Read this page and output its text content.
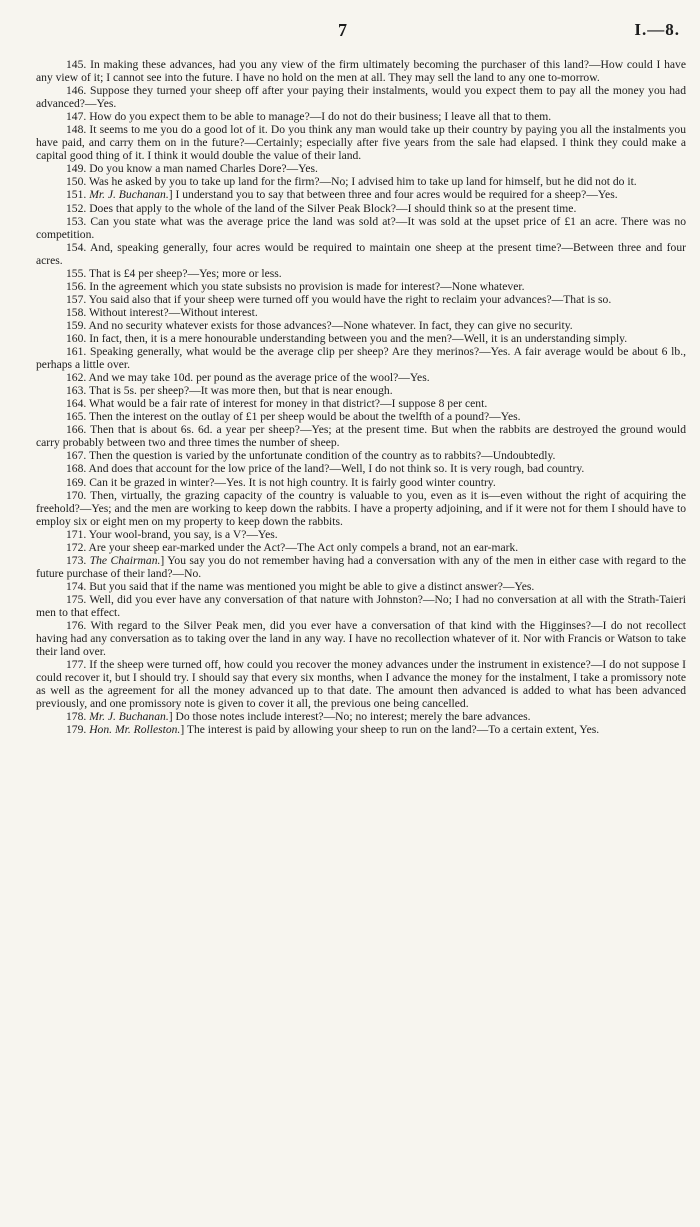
7	I.—8.

145. In making these advances, had you any view of the firm ultimately becoming the purchaser of this land?—How could I have any view of it; I cannot see into the future. I have no hold on the men at all. They may sell the land to any one to-morrow.

146. Suppose they turned your sheep off after your paying their instalments, would you expect them to pay all the money you had advanced?—Yes.

147. How do you expect them to be able to manage?—I do not do their business; I leave all that to them.

148. It seems to me you do a good lot of it. Do you think any man would take up their country by paying you all the instalments you have paid, and carry them on in the future?—Certainly; especially after five years from the sale had elapsed. I think they could make a capital good thing of it. I think it would double the value of their land.

149. Do you know a man named Charles Dore?—Yes.

150. Was he asked by you to take up land for the firm?—No; I advised him to take up land for himself, but he did not do it.

151. Mr. J. Buchanan.] I understand you to say that between three and four acres would be required for a sheep?—Yes.

152. Does that apply to the whole of the land of the Silver Peak Block?—I should think so at the present time.

153. Can you state what was the average price the land was sold at?—It was sold at the upset price of £1 an acre. There was no competition.

154. And, speaking generally, four acres would be required to maintain one sheep at the present time?—Between three and four acres.

155. That is £4 per sheep?—Yes; more or less.

156. In the agreement which you state subsists no provision is made for interest?—None whatever.

157. You said also that if your sheep were turned off you would have the right to reclaim your advances?—That is so.

158. Without interest?—Without interest.

159. And no security whatever exists for those advances?—None whatever. In fact, they can give no security.

160. In fact, then, it is a mere honourable understanding between you and the men?—Well, it is an understanding simply.

161. Speaking generally, what would be the average clip per sheep? Are they merinos?—Yes. A fair average would be about 6 lb., perhaps a little over.

162. And we may take 10d. per pound as the average price of the wool?—Yes.

163. That is 5s. per sheep?—It was more then, but that is near enough.

164. What would be a fair rate of interest for money in that district?—I suppose 8 per cent.

165. Then the interest on the outlay of £1 per sheep would be about the twelfth of a pound?—Yes.

166. Then that is about 6s. 6d. a year per sheep?—Yes; at the present time. But when the rabbits are destroyed the ground would carry probably between two and three times the number of sheep.

167. Then the question is varied by the unfortunate condition of the country as to rabbits?—Undoubtedly.

168. And does that account for the low price of the land?—Well, I do not think so. It is very rough, bad country.

169. Can it be grazed in winter?—Yes. It is not high country. It is fairly good winter country.

170. Then, virtually, the grazing capacity of the country is valuable to you, even as it is—even without the right of acquiring the freehold?—Yes; and the men are working to keep down the rabbits. I have a property adjoining, and if it were not for them I should have to employ six or eight men on my property to keep down the rabbits.

171. Your wool-brand, you say, is a V?—Yes.

172. Are your sheep ear-marked under the Act?—The Act only compels a brand, not an ear-mark.

173. The Chairman.] You say you do not remember having had a conversation with any of the men in either case with regard to the future purchase of their land?—No.

174. But you said that if the name was mentioned you might be able to give a distinct answer?—Yes.

175. Well, did you ever have any conversation of that nature with Johnston?—No; I had no conversation at all with the Strath-Taieri men to that effect.

176. With regard to the Silver Peak men, did you ever have a conversation of that kind with the Higginses?—I do not recollect having had any conversation as to taking over the land in any way. I have no recollection whatever of it. Nor with Francis or Watson to take their land over.

177. If the sheep were turned off, how could you recover the money advances under the instrument in existence?—I do not suppose I could recover it, but I should try. I should say that every six months, when I advance the money for the instalment, I take a promissory note as well as the agreement for all the money advanced up to that date. The amount then advanced is added to what has been advanced previously, and one promissory note is given to cover it all, the previous one being cancelled.

178. Mr. J. Buchanan.] Do those notes include interest?—No; no interest; merely the bare advances.

179. Hon. Mr. Rolleston.] The interest is paid by allowing your sheep to run on the land?—To a certain extent, Yes.
